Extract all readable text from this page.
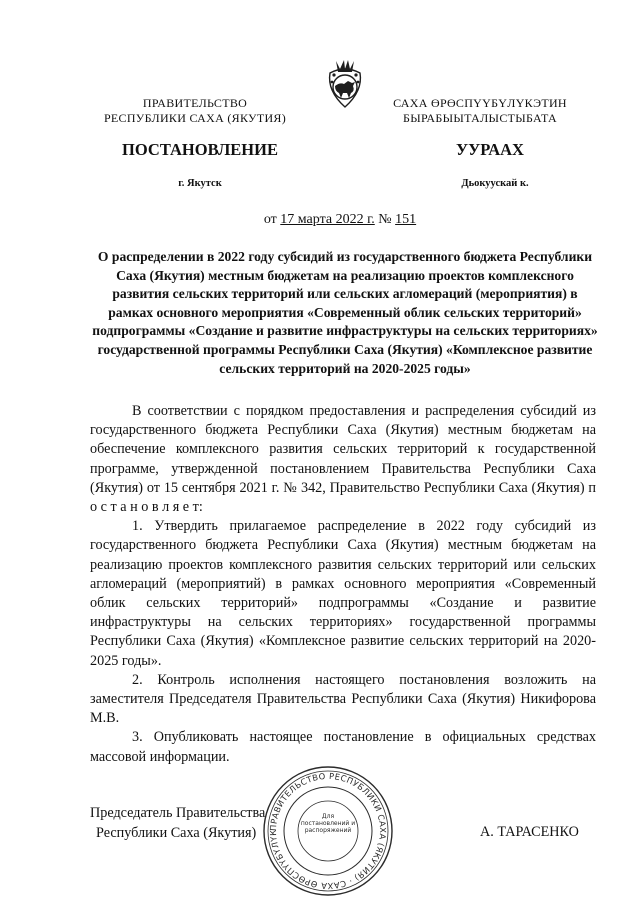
ПРАВИТЕЛЬСТВО
РЕСПУБЛИКИ САХА (ЯКУТИЯ)
САХА ӨРӨСПҮҮБҮЛҮКЭТИН
БЫРАБЫЫТАЛЫСТЫБАТА
ПОСТАНОВЛЕНИЕ	УУРААХ
г. Якутск	Дьокуускай к.
от 17 марта 2022 г. № 151
О распределении в 2022 году субсидий из государственного бюджета Республики Саха (Якутия) местным бюджетам на реализацию проектов комплексного развития сельских территорий или сельских агломераций (мероприятия) в рамках основного мероприятия «Современный облик сельских территорий» подпрограммы «Создание и развитие инфраструктуры на сельских территориях» государственной программы Республики Саха (Якутия) «Комплексное развитие сельских территорий на 2020-2025 годы»

В соответствии с порядком предоставления и распределения субсидий из государственного бюджета Республики Саха (Якутия) местным бюджетам на обеспечение комплексного развития сельских территорий к государственной программе, утвержденной постановлением Правительства Республики Саха (Якутия) от 15 сентября 2021 г. № 342, Правительство Республики Саха (Якутия) п о с т а н о в л я е т:

1. Утвердить прилагаемое распределение в 2022 году субсидий из государственного бюджета Республики Саха (Якутия) местным бюджетам на реализацию проектов комплексного развития сельских территорий или сельских агломераций (мероприятий) в рамках основного мероприятия «Современный облик сельских территорий» подпрограммы «Создание и развитие инфраструктуры на сельских территориях» государственной программы Республики Саха (Якутия) «Комплексное развитие сельских территорий на 2020-2025 годы».

2. Контроль исполнения настоящего постановления возложить на заместителя Председателя Правительства Республики Саха (Якутия) Никифорова М.В.

3. Опубликовать настоящее постановление в официальных средствах массовой информации.

Председатель Правительства
Республики Саха (Якутия)	А. ТАРАСЕНКО
ПРАВИТЕЛЬСТВО РЕСПУБЛИКИ САХА (ЯКУТИЯ) · САХА ӨРӨСПҮҮБҮЛҮК
Для постановлений и распоряжений
